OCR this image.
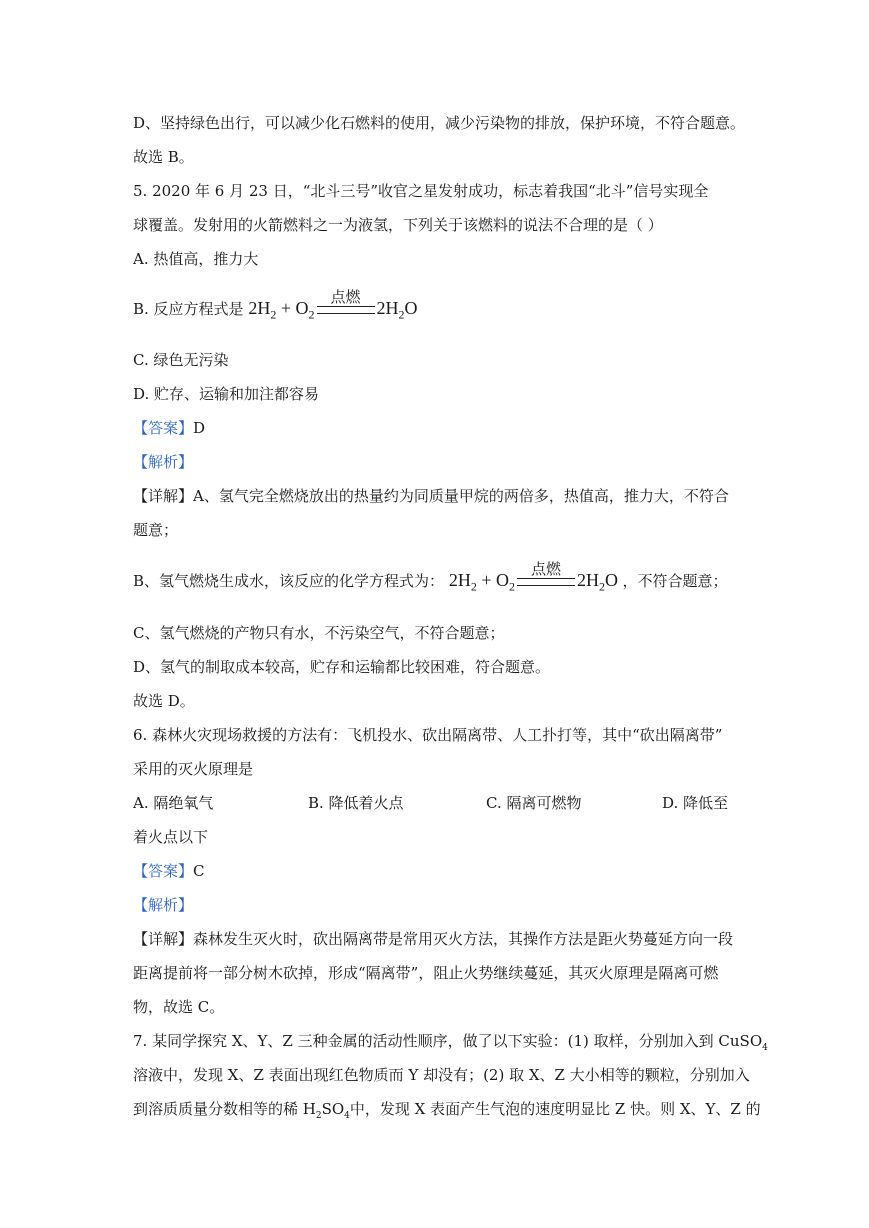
D、坚持绿色出行，可以减少化石燃料的使用，减少污染物的排放，保护环境，不符合题意。
故选 B。
5. 2020 年 6 月 23 日，“北斗三号”收官之星发射成功，标志着我国“北斗”信号实现全
球覆盖。发射用的火箭燃料之一为液氢，下列关于该燃料的说法不合理的是（ ）
A. 热值高，推力大
B. 反应方程式是 $2H_2 + O_2$
点燃
$2H_2O$
C. 绿色无污染
D. 贮存、运输和加注都容易
【答案】D
【解析】
【详解】A、氢气完全燃烧放出的热量约为同质量甲烷的两倍多，热值高，推力大，不符合
题意；
B、氢气燃烧生成水，该反应的化学方程式为： $2H_2 + O_2$
点燃
$2H_2O$ ，不符合题意；
C、氢气燃烧的产物只有水，不污染空气，不符合题意；
D、氢气的制取成本较高，贮存和运输都比较困难，符合题意。
故选 D。
6. 森林火灾现场救援的方法有：飞机投水、砍出隔离带、人工扑打等，其中“砍出隔离带”
采用的灭火原理是
A. 隔绝氧气	B. 降低着火点	C. 隔离可燃物	D. 降低至
着火点以下
【答案】C
【解析】
【详解】森林发生灭火时，砍出隔离带是常用灭火方法，其操作方法是距火势蔓延方向一段
距离提前将一部分树木砍掉，形成“隔离带”，阻止火势继续蔓延，其灭火原理是隔离可燃
物，故选 C。
7. 某同学探究 X、Y、Z 三种金属的活动性顺序，做了以下实验：(1) 取样，分别加入到 CuSO$_4$
溶液中，发现 X、Z 表面出现红色物质而 Y 却没有；(2) 取 X、Z 大小相等的颗粒，分别加入
到溶质质量分数相等的稀 $H_2SO_4$中，发现 X 表面产生气泡的速度明显比 Z 快。则 X、Y、Z 的
